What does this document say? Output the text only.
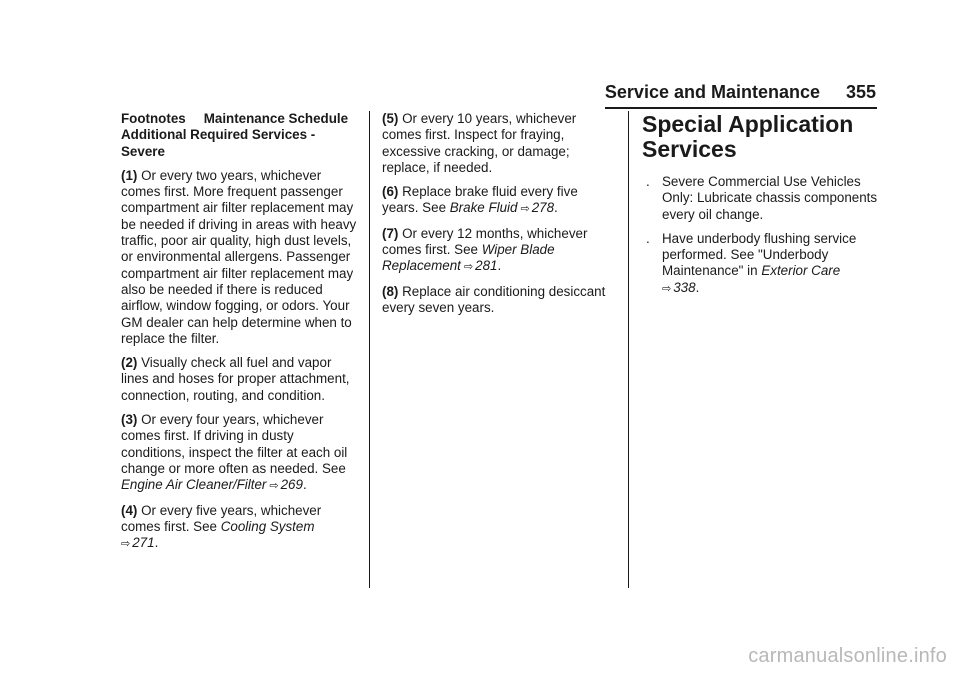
Service and Maintenance	355
Footnotes Maintenance Schedule Additional Required Services - Severe

(1) Or every two years, whichever comes first. More frequent passenger compartment air filter replacement may be needed if driving in areas with heavy traffic, poor air quality, high dust levels, or environmental allergens. Passenger compartment air filter replacement may also be needed if there is reduced airflow, window fogging, or odors. Your GM dealer can help determine when to replace the filter.

(2) Visually check all fuel and vapor lines and hoses for proper attachment, connection, routing, and condition.

(3) Or every four years, whichever comes first. If driving in dusty conditions, inspect the filter at each oil change or more often as needed. See Engine Air Cleaner/Filter ⇨ 269.

(4) Or every five years, whichever comes first. See Cooling System
⇨ 271.

(5) Or every 10 years, whichever comes first. Inspect for fraying, excessive cracking, or damage; replace, if needed.

(6) Replace brake fluid every five years. See Brake Fluid ⇨ 278.

(7) Or every 12 months, whichever comes first. See Wiper Blade Replacement ⇨ 281.

(8) Replace air conditioning desiccant every seven years.

Special Application Services
. Severe Commercial Use Vehicles Only: Lubricate chassis components every oil change.
. Have underbody flushing service performed. See "Underbody Maintenance" in Exterior Care
⇨ 338.
carmanualsonline.info
